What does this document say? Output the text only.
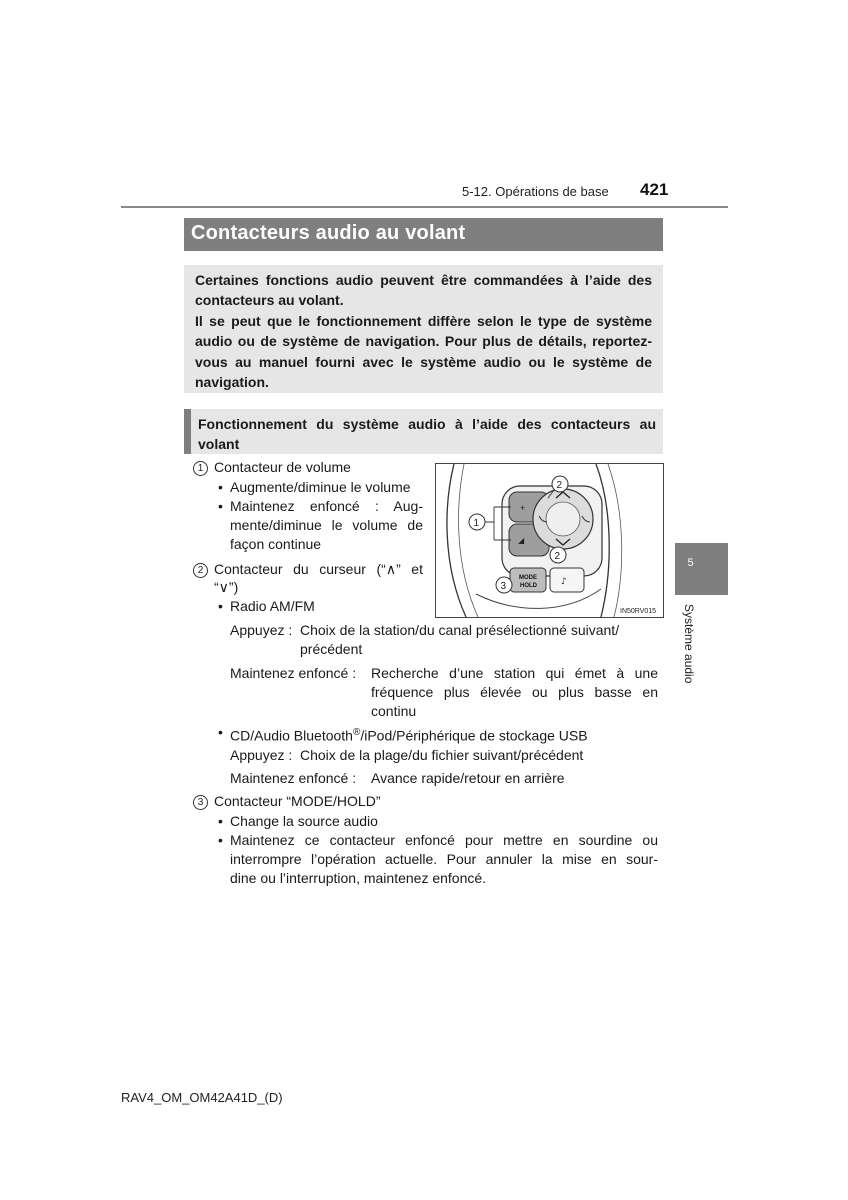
5-12. Opérations de base 421
Contacteurs audio au volant

Certaines fonctions audio peuvent être commandées à l’aide des contacteurs au volant.

Il se peut que le fonctionnement diffère selon le type de système audio ou de système de navigation. Pour plus de détails, reportez-vous au manuel fourni avec le système audio ou le système de navigation.

Fonctionnement du système audio à l’aide des contacteurs au volant
1 Contacteur de volume
• Augmente/diminue le volume
• Maintenez enfoncé : Aug-
mente/diminue le volume de
façon continue
2 Contacteur du curseur (“∧” et
“∨”)
• Radio AM/FM
Appuyez : Choix de la station/du canal présélectionné suivant/
précédent
Maintenez enfoncé : Recherche d’une station qui émet à une
fréquence plus élevée ou plus basse en
continu
• CD/Audio Bluetooth®/iPod/Périphérique de stockage USB
Appuyez : Choix de la plage/du fichier suivant/précédent
Maintenez enfoncé : Avance rapide/retour en arrière
3 Contacteur “MODE/HOLD”
• Change la source audio
• Maintenez ce contacteur enfoncé pour mettre en sourdine ou
interrompre l’opération actuelle. Pour annuler la mise en sour-
dine ou l’interruption, maintenez enfoncé.
+
◢
MODE
HOLD	♪
1
2
2
3
IN50RV015
5
Système audio
RAV4_OM_OM42A41D_(D)
